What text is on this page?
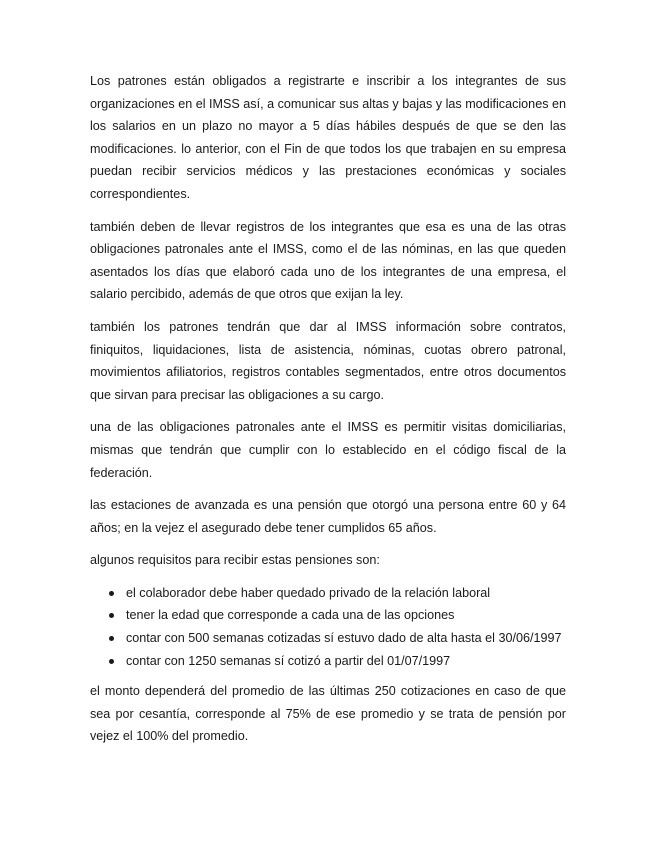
Los patrones están obligados a registrarte e inscribir a los integrantes de sus organizaciones en el IMSS así, a comunicar sus altas y bajas y las modificaciones en los salarios en un plazo no mayor a 5 días hábiles después de que se den las modificaciones. lo anterior, con el Fin de que todos los que trabajen en su empresa puedan recibir servicios médicos y las prestaciones económicas y sociales correspondientes.

también deben de llevar registros de los integrantes que esa es una de las otras obligaciones patronales ante el IMSS, como el de las nóminas, en las que queden asentados los días que elaboró cada uno de los integrantes de una empresa, el salario percibido, además de que otros que exijan la ley.

también los patrones tendrán que dar al IMSS información sobre contratos, finiquitos, liquidaciones, lista de asistencia, nóminas, cuotas obrero patronal, movimientos afiliatorios, registros contables segmentados, entre otros documentos que sirvan para precisar las obligaciones a su cargo.

una de las obligaciones patronales ante el IMSS es permitir visitas domiciliarias, mismas que tendrán que cumplir con lo establecido en el código fiscal de la federación.

las estaciones de avanzada es una pensión que otorgó una persona entre 60 y 64 años; en la vejez el asegurado debe tener cumplidos 65 años.

algunos requisitos para recibir estas pensiones son:

el colaborador debe haber quedado privado de la relación laboral
tener la edad que corresponde a cada una de las opciones
contar con 500 semanas cotizadas sí estuvo dado de alta hasta el 30/06/1997
contar con 1250 semanas sí cotizó a partir del 01/07/1997

el monto dependerá del promedio de las últimas 250 cotizaciones en caso de que sea por cesantía, corresponde al 75% de ese promedio y se trata de pensión por vejez el 100% del promedio.
